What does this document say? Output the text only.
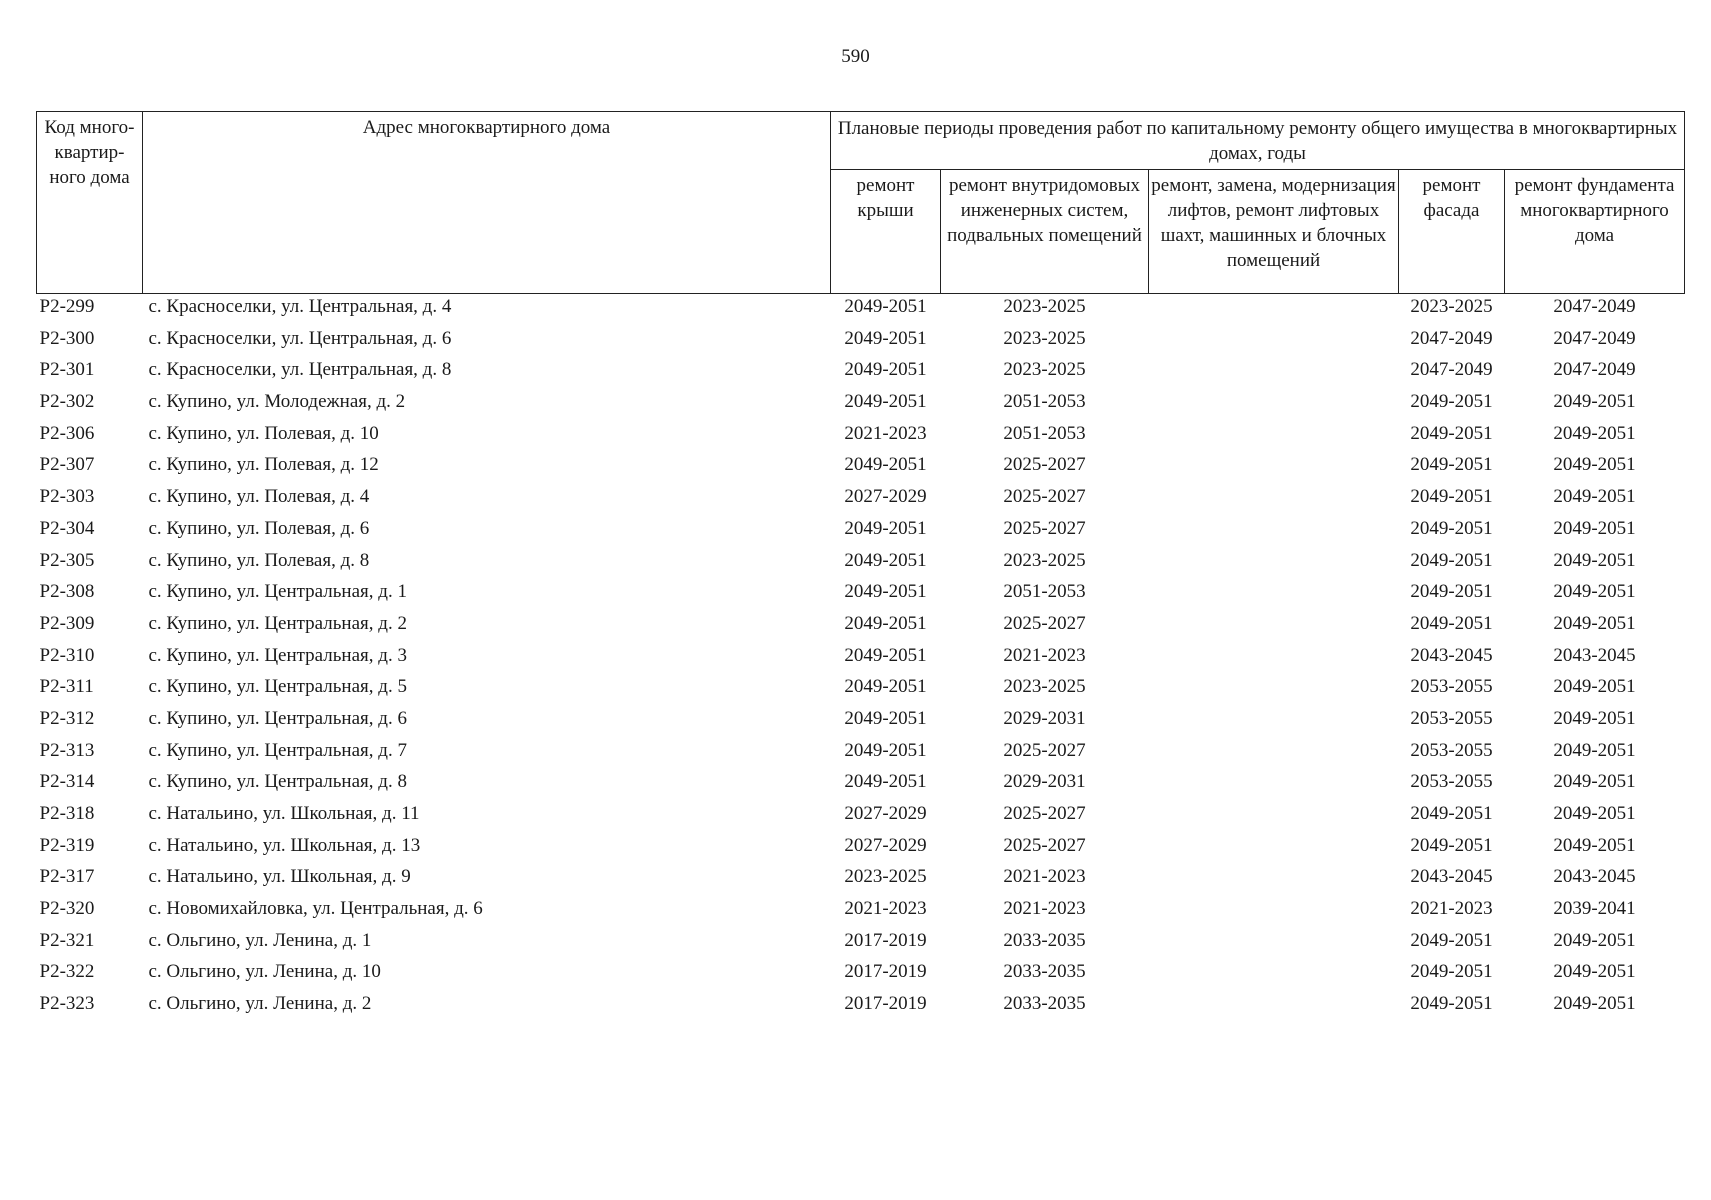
590
Код много-квартир-ного дома	Адрес многоквартирного дома	Плановые периоды проведения работ по капитальному ремонту общего имущества в многоквартирных домах, годы				
		ремонт крыши	ремонт внутридомовых инженерных систем, подвальных помещений	ремонт, замена, модернизация лифтов, ремонт лифтовых шахт, машинных и блочных помещений	ремонт фасада	ремонт фундамента многоквартирного дома
Р2-299	с. Красноселки, ул. Центральная, д. 4	2049-2051	2023-2025		2023-2025	2047-2049
Р2-300	с. Красноселки, ул. Центральная, д. 6	2049-2051	2023-2025		2047-2049	2047-2049
Р2-301	с. Красноселки, ул. Центральная, д. 8	2049-2051	2023-2025		2047-2049	2047-2049
Р2-302	с. Купино, ул. Молодежная, д. 2	2049-2051	2051-2053		2049-2051	2049-2051
Р2-306	с. Купино, ул. Полевая, д. 10	2021-2023	2051-2053		2049-2051	2049-2051
Р2-307	с. Купино, ул. Полевая, д. 12	2049-2051	2025-2027		2049-2051	2049-2051
Р2-303	с. Купино, ул. Полевая, д. 4	2027-2029	2025-2027		2049-2051	2049-2051
Р2-304	с. Купино, ул. Полевая, д. 6	2049-2051	2025-2027		2049-2051	2049-2051
Р2-305	с. Купино, ул. Полевая, д. 8	2049-2051	2023-2025		2049-2051	2049-2051
Р2-308	с. Купино, ул. Центральная, д. 1	2049-2051	2051-2053		2049-2051	2049-2051
Р2-309	с. Купино, ул. Центральная, д. 2	2049-2051	2025-2027		2049-2051	2049-2051
Р2-310	с. Купино, ул. Центральная, д. 3	2049-2051	2021-2023		2043-2045	2043-2045
Р2-311	с. Купино, ул. Центральная, д. 5	2049-2051	2023-2025		2053-2055	2049-2051
Р2-312	с. Купино, ул. Центральная, д. 6	2049-2051	2029-2031		2053-2055	2049-2051
Р2-313	с. Купино, ул. Центральная, д. 7	2049-2051	2025-2027		2053-2055	2049-2051
Р2-314	с. Купино, ул. Центральная, д. 8	2049-2051	2029-2031		2053-2055	2049-2051
Р2-318	с. Натальино, ул. Школьная, д. 11	2027-2029	2025-2027		2049-2051	2049-2051
Р2-319	с. Натальино, ул. Школьная, д. 13	2027-2029	2025-2027		2049-2051	2049-2051
Р2-317	с. Натальино, ул. Школьная, д. 9	2023-2025	2021-2023		2043-2045	2043-2045
Р2-320	с. Новомихайловка, ул. Центральная, д. 6	2021-2023	2021-2023		2021-2023	2039-2041
Р2-321	с. Ольгино, ул. Ленина, д. 1	2017-2019	2033-2035		2049-2051	2049-2051
Р2-322	с. Ольгино, ул. Ленина, д. 10	2017-2019	2033-2035		2049-2051	2049-2051
Р2-323	с. Ольгино, ул. Ленина, д. 2	2017-2019	2033-2035		2049-2051	2049-2051
